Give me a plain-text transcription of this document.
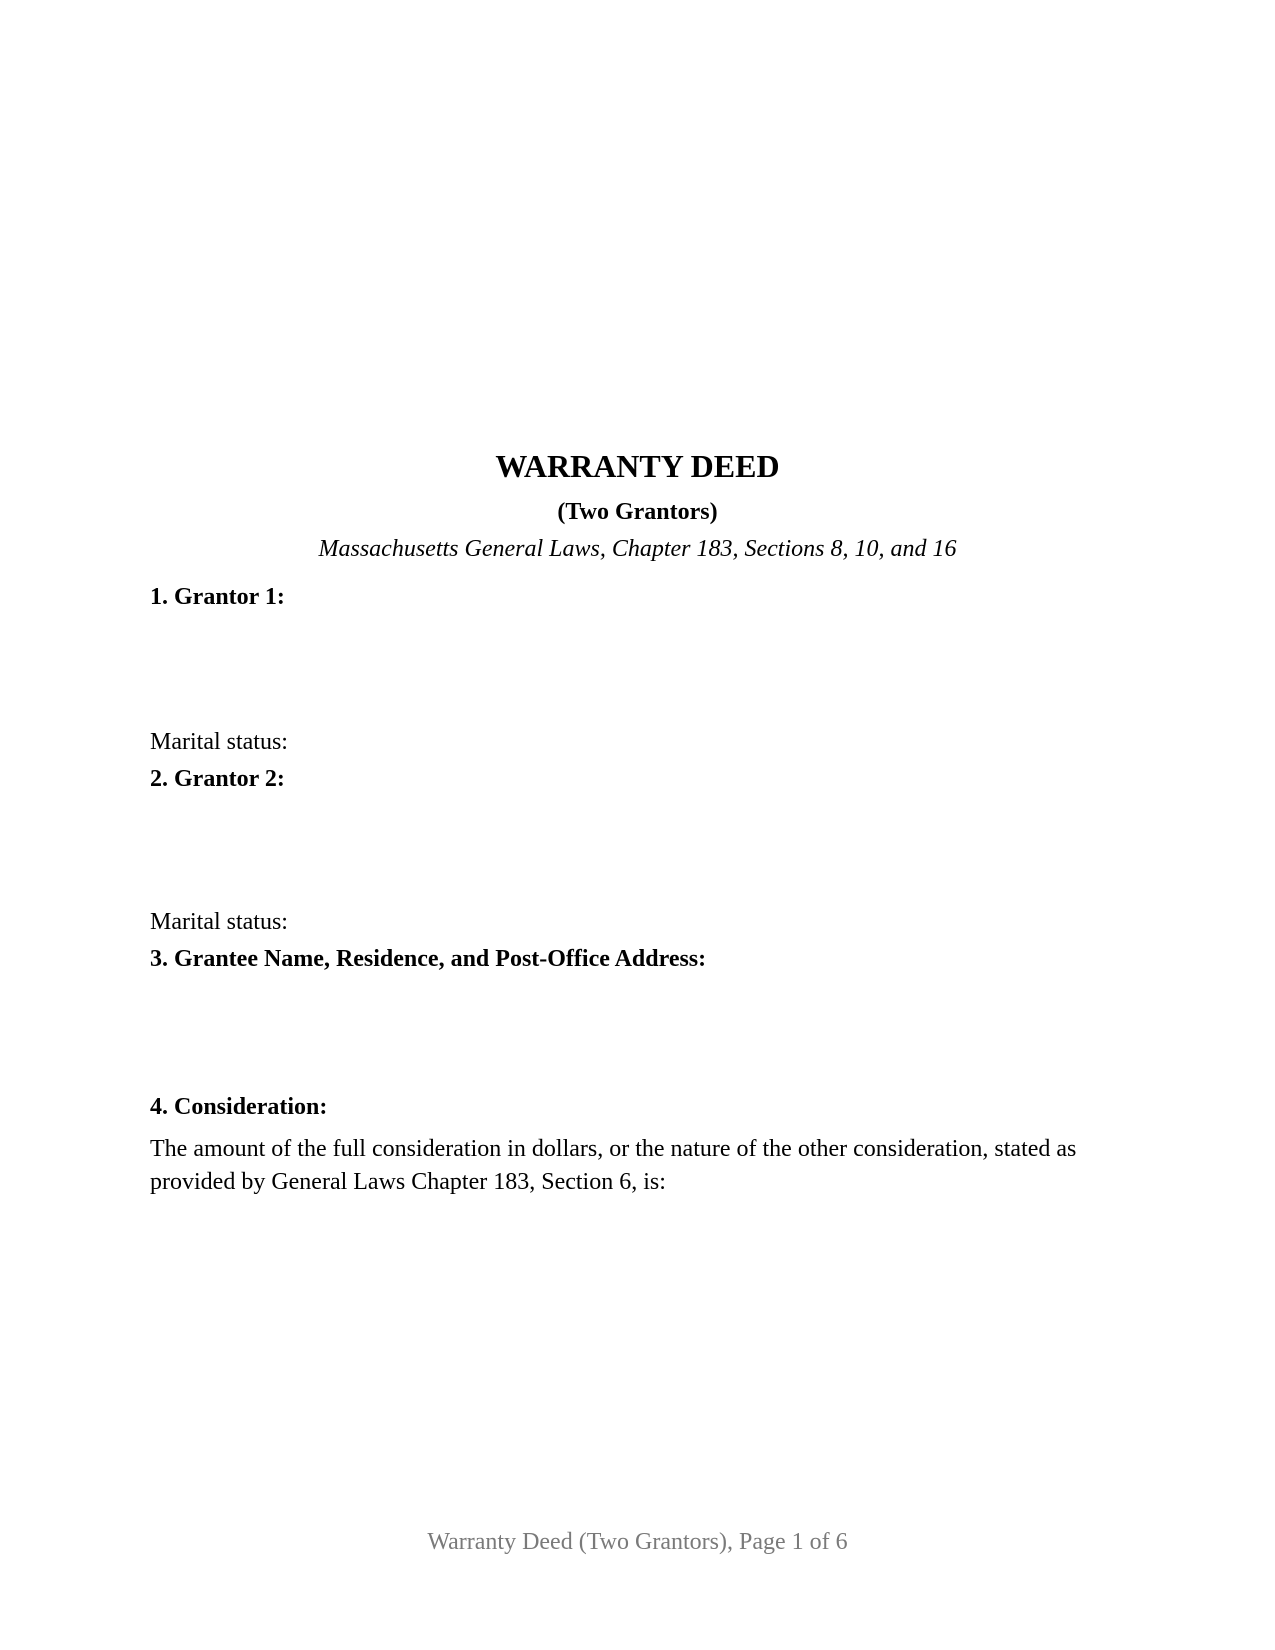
WARRANTY DEED
(Two Grantors)
Massachusetts General Laws, Chapter 183, Sections 8, 10, and 16
1. Grantor 1:
Marital status:
2. Grantor 2:
Marital status:
3. Grantee Name, Residence, and Post-Office Address:
4. Consideration:
The amount of the full consideration in dollars, or the nature of the other consideration, stated as provided by General Laws Chapter 183, Section 6, is:
Warranty Deed (Two Grantors), Page 1 of 6
